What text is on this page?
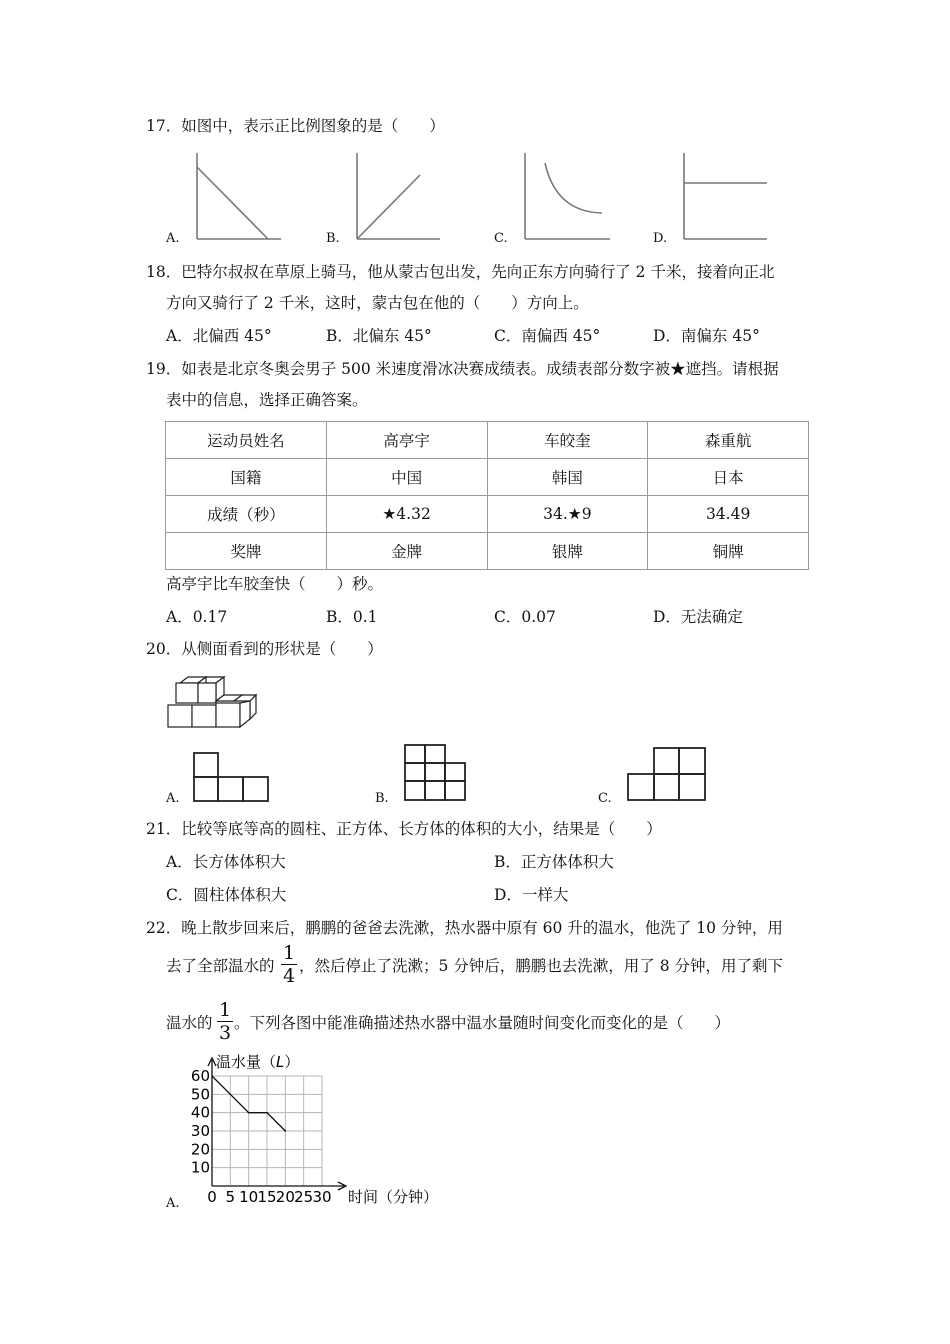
17．如图中，表示正比例图象的是（　　）
A.	B.	C.	D.
18．巴特尔叔叔在草原上骑马，他从蒙古包出发，先向正东方向骑行了 2 千米，接着向正北
方向又骑行了 2 千米，这时，蒙古包在他的（　　）方向上。
A．北偏西 45°	B．北偏东 45°	C．南偏西 45°	D．南偏东 45°
19．如表是北京冬奥会男子 500 米速度滑冰决赛成绩表。成绩表部分数字被★遮挡。请根据
表中的信息，选择正确答案。
运动员姓名	高亭宇	车皎奎	森重航
国籍	中国	韩国	日本
成绩（秒）	★4.32	34.★9	34.49
奖牌	金牌	银牌	铜牌
高亭宇比车胶奎快（　　）秒。
A．0.17	B．0.1	C．0.07	D．无法确定
20．从侧面看到的形状是（　　）
A.	B.	C.
21．比较等底等高的圆柱、正方体、长方体的体积的大小，结果是（　　）
A．长方体体积大	B．正方体体积大
C．圆柱体体积大	D．一样大
22．晚上散步回来后，鹏鹏的爸爸去洗漱，热水器中原有 60 升的温水，他洗了 10 分钟，用
去了全部温水的
1
4 ，然后停止了洗漱；5 分钟后，鹏鹏也去洗漱，用了 8 分钟，用了剩下
温水的
1
3 。下列各图中能准确描述热水器中温水量随时间变化而变化的是（　　）
0 5 10 15 20 25 30
10
20
30
40
50
60
温水量（L）
时间（分钟）
A.
